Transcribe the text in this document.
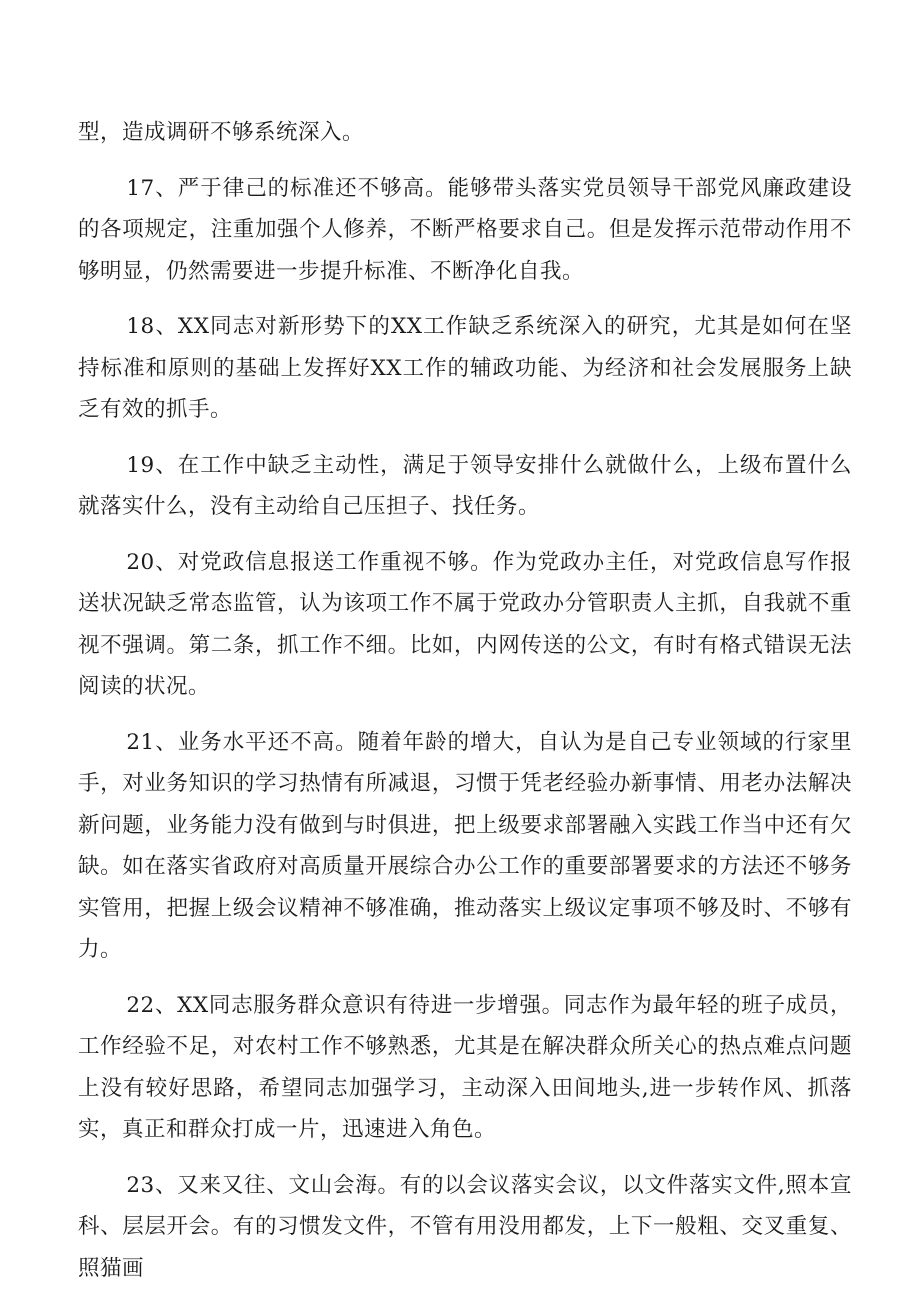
型，造成调研不够系统深入。

17、严于律己的标准还不够高。能够带头落实党员领导干部党风廉政建设的各项规定，注重加强个人修养，不断严格要求自己。但是发挥示范带动作用不够明显，仍然需要进一步提升标准、不断净化自我。

18、XX同志对新形势下的XX工作缺乏系统深入的研究，尤其是如何在坚持标准和原则的基础上发挥好XX工作的辅政功能、为经济和社会发展服务上缺乏有效的抓手。

19、在工作中缺乏主动性，满足于领导安排什么就做什么，上级布置什么就落实什么，没有主动给自己压担子、找任务。

20、对党政信息报送工作重视不够。作为党政办主任，对党政信息写作报送状况缺乏常态监管，认为该项工作不属于党政办分管职责人主抓，自我就不重视不强调。第二条，抓工作不细。比如，内网传送的公文，有时有格式错误无法阅读的状况。

21、业务水平还不高。随着年龄的增大，自认为是自己专业领域的行家里手，对业务知识的学习热情有所减退，习惯于凭老经验办新事情、用老办法解决新问题，业务能力没有做到与时俱进，把上级要求部署融入实践工作当中还有欠缺。如在落实省政府对高质量开展综合办公工作的重要部署要求的方法还不够务实管用，把握上级会议精神不够准确，推动落实上级议定事项不够及时、不够有力。

22、XX同志服务群众意识有待进一步增强。同志作为最年轻的班子成员，工作经验不足，对农村工作不够熟悉，尤其是在解决群众所关心的热点难点问题上没有较好思路，希望同志加强学习，主动深入田间地头,进一步转作风、抓落实，真正和群众打成一片，迅速进入角色。

23、又来又往、文山会海。有的以会议落实会议，以文件落实文件,照本宣科、层层开会。有的习惯发文件，不管有用没用都发，上下一般粗、交叉重复、照猫画
